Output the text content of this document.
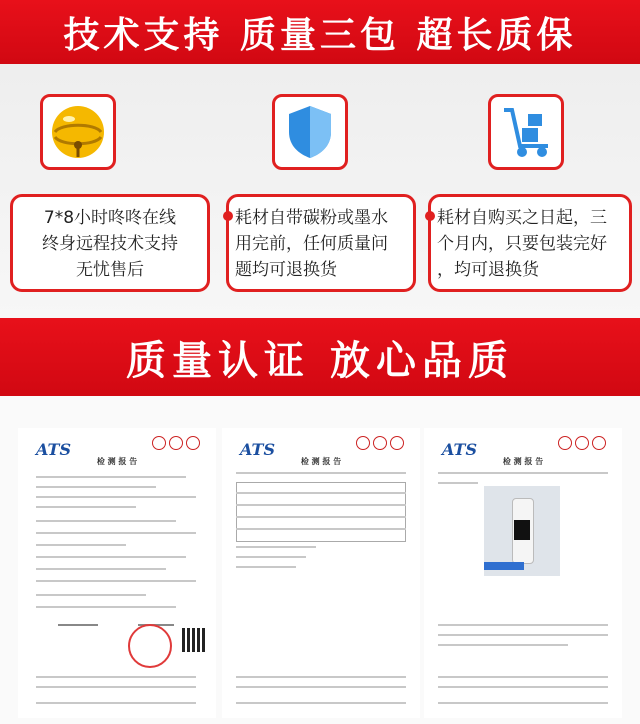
技术支持 质量三包 超长质保
7*8小时咚咚在线
终身远程技术支持
无忧售后
耗材自带碳粉或墨水
用完前，任何质量问
题均可退换货
耗材自购买之日起，三
个月内，只要包装完好
，均可退换货
质量认证 放心品质
ATS
检 测 报 告
ATS
检 测 报 告
ATS
检 测 报 告
